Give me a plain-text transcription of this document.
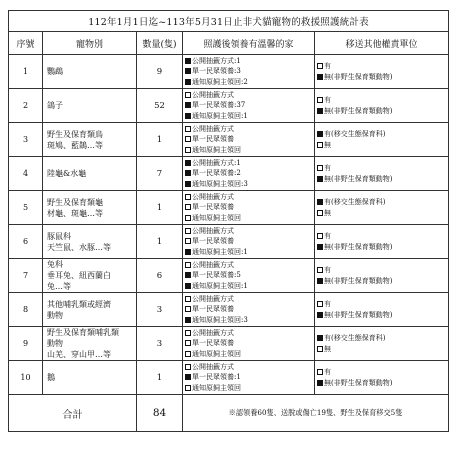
112年1月1日迄~113年5月31日止非犬貓寵物的救援照護統計表				
序號	寵物別	數量(隻)	照護後領養有溫馨的家	移送其他權責單位
1	鸚鵡	9	公開抽籤方式:1
單一民眾領養:3
通知原飼主領回:2	有
無(非野生保育類動物)

2	鴿子	52	公開抽籤方式
單一民眾領養:37
通知原飼主領回:1	有
無(非野生保育類動物)

3	野生及保育類鳥
斑鳩、藍鵲…等	1	公開抽籤方式
單一民眾領養
通知原飼主領回	有(移交生態保育科)
無

4	陸龜&水龜	7	公開抽籤方式:1
單一民眾領養:2
通知原飼主領回:3	有
無(非野生保育類動物)

5	野生及保育類龜
材龜、斑龜…等	1	公開抽籤方式
單一民眾領養
通知原飼主領回	有(移交生態保育科)
無

6	豚鼠科
天竺鼠、水豚…等	1	公開抽籤方式
單一民眾領養
通知原飼主領回:1	有
無(非野生保育類動物)

7	兔科
垂耳兔、紐西蘭白
兔…等	6	公開抽籤方式
單一民眾領養:5
通知原飼主領回:1	有
無(非野生保育類動物)

8	其他哺乳類或經濟
動物	3	公開抽籤方式
單一民眾領養
通知原飼主領回:3	有
無(非野生保育類動物)

9	野生及保育類哺乳類
動物
山羌、穿山甲…等	3	公開抽籤方式
單一民眾領養
通知原飼主領回	有(移交生態保育科)
無

10	鵝	1	公開抽籤方式
單一民眾領養:1
通知原飼主領回	有
無(非野生保育類動物)

合計		84	※認領養60隻、送脫或傷亡19隻、野生及保育移交5隻	
